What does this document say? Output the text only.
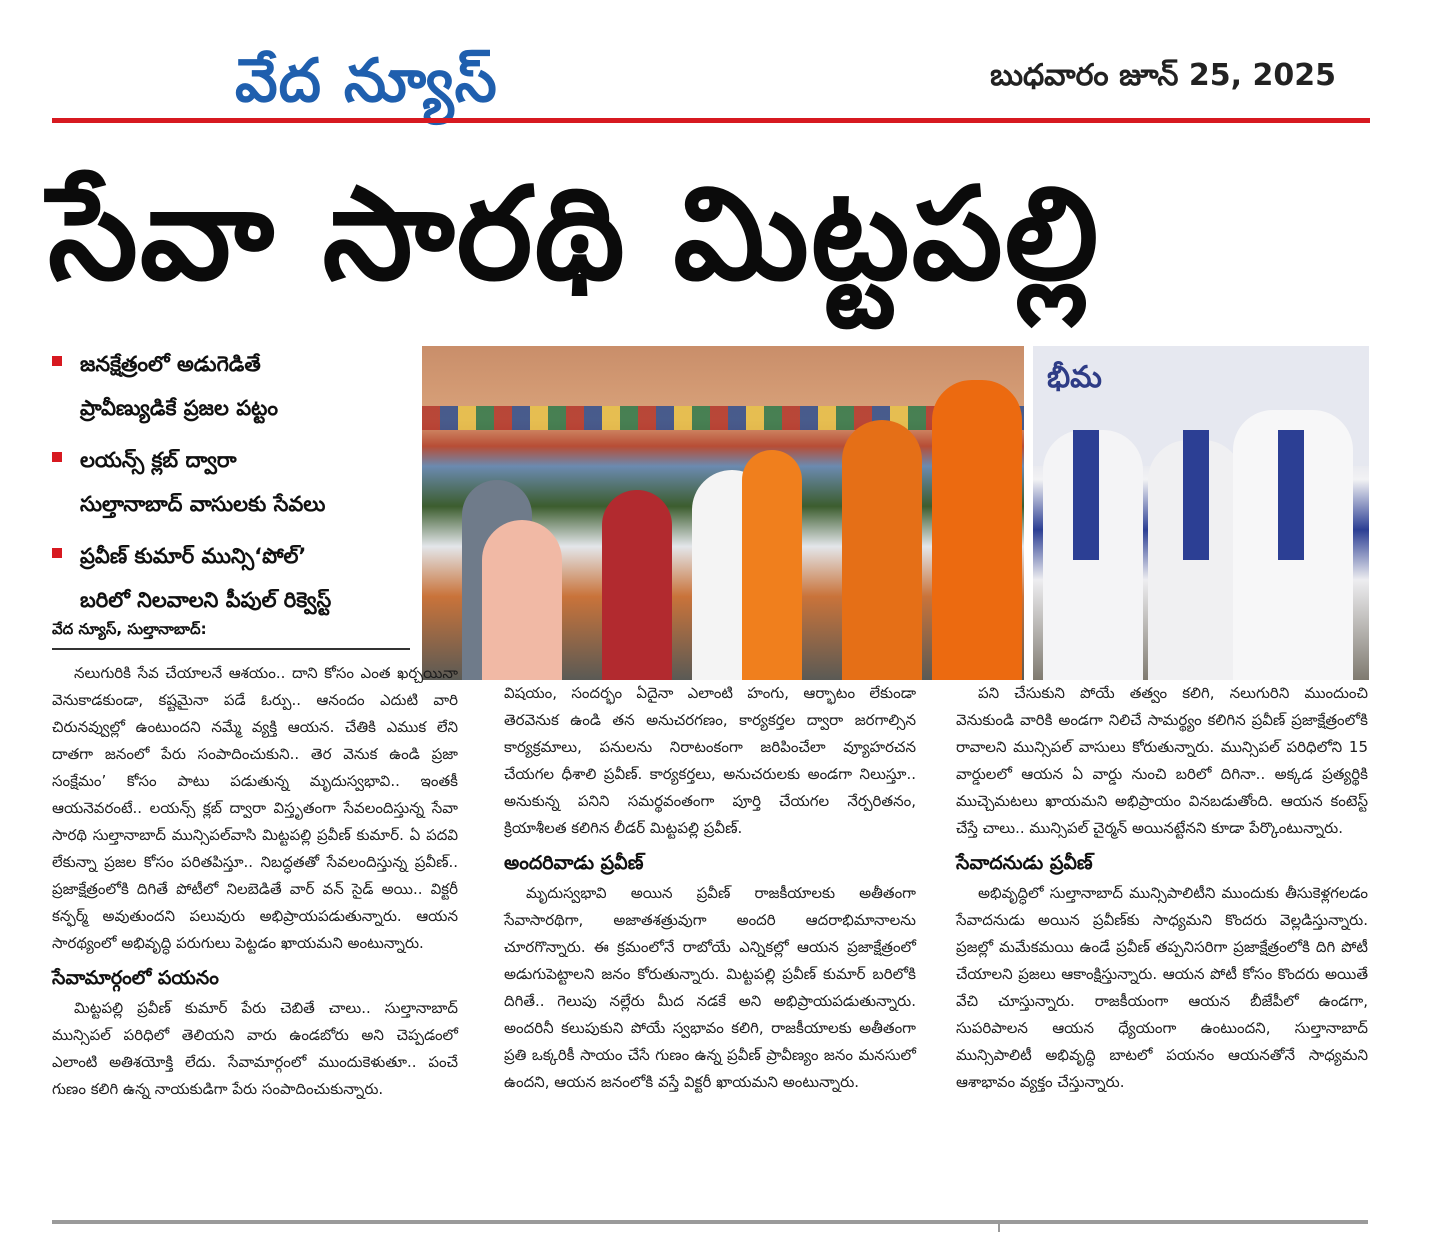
వేద న్యూస్	బుధవారం జూన్ 25, 2025
సేవా సారథి మిట్టపల్లి
జనక్షేత్రంలో అడుగెడితే
ప్రావీణ్యుడికే ప్రజల పట్టం
లయన్స్ క్లబ్ ద్వారా
సుల్తానాబాద్ వాసులకు సేవలు
ప్రవీణ్ కుమార్ మున్సి‘పోల్’
బరిలో నిలవాలని పీపుల్ రిక్వెస్ట్
వేద న్యూస్, సుల్తానాబాద్:
భీమ

నలుగురికి సేవ చేయాలనే ఆశయం.. దాని కోసం ఎంత ఖర్చయినా వెనుకాడకుండా, కష్టమైనా పడే ఓర్పు.. ఆనందం ఎదుటి వారి చిరునవ్వుల్లో ఉంటుందని నమ్మే వ్యక్తి ఆయన. చేతికి ఎముక లేని దాతగా జనంలో పేరు సంపాదించుకుని.. తెర వెనుక ఉండి ప్రజా సంక్షేమం’ కోసం పాటు పడుతున్న మృదుస్వభావి.. ఇంతకీ ఆయనెవరంటే.. లయన్స్ క్లబ్ ద్వారా విస్తృతంగా సేవలందిస్తున్న సేవా సారథి సుల్తానాబాద్ మున్సిపల్‌వాసి మిట్టపల్లి ప్రవీణ్ కుమార్. ఏ పదవి లేకున్నా ప్రజల కోసం పరితపిస్తూ.. నిబద్ధతతో సేవలందిస్తున్న ప్రవీణ్.. ప్రజాక్షేత్రంలోకి దిగితే పోటీలో నిలబెడితే వార్ వన్ సైడ్ అయి.. విక్టరీ కన్ఫర్మ్ అవుతుందని పలువురు అభిప్రాయపడుతున్నారు. ఆయన సారథ్యంలో అభివృద్ధి పరుగులు పెట్టడం ఖాయమని అంటున్నారు.

సేవామార్గంలో పయనం

మిట్టపల్లి ప్రవీణ్ కుమార్ పేరు చెబితే చాలు.. సుల్తానాబాద్ మున్సిపల్ పరిధిలో తెలియని వారు ఉండబోరు అని చెప్పడంలో ఎలాంటి అతిశయోక్తి లేదు. సేవామార్గంలో ముందుకెళుతూ.. పంచే గుణం కలిగి ఉన్న నాయకుడిగా పేరు సంపాదించుకున్నారు.

విషయం, సందర్భం ఏదైనా ఎలాంటి హంగు, ఆర్భాటం లేకుండా తెరవెనుక ఉండి తన అనుచరగణం, కార్యకర్తల ద్వారా జరగాల్సిన కార్యక్రమాలు, పనులను నిరాటంకంగా జరిపించేలా వ్యూహరచన చేయగల ధీశాలి ప్రవీణ్. కార్యకర్తలు, అనుచరులకు అండగా నిలుస్తూ.. అనుకున్న పనిని సమర్థవంతంగా పూర్తి చేయగల నేర్పరితనం, క్రియాశీలత కలిగిన లీడర్ మిట్టపల్లి ప్రవీణ్.

అందరివాడు ప్రవీణ్

మృదుస్వభావి అయిన ప్రవీణ్ రాజకీయాలకు అతీతంగా సేవాసారథిగా, అజాతశత్రువుగా అందరి ఆదరాభిమానాలను చూరగొన్నారు. ఈ క్రమంలోనే రాబోయే ఎన్నికల్లో ఆయన ప్రజాక్షేత్రంలో అడుగుపెట్టాలని జనం కోరుతున్నారు. మిట్టపల్లి ప్రవీణ్ కుమార్ బరిలోకి దిగితే.. గెలుపు నల్లేరు మీద నడకే అని అభిప్రాయపడుతున్నారు. అందరినీ కలుపుకుని పోయే స్వభావం కలిగి, రాజకీయాలకు అతీతంగా ప్రతి ఒక్కరికీ సాయం చేసే గుణం ఉన్న ప్రవీణ్ ప్రావీణ్యం జనం మనసులో ఉందని, ఆయన జనంలోకి వస్తే విక్టరీ ఖాయమని అంటున్నారు.

పని చేసుకుని పోయే తత్వం కలిగి, నలుగురిని ముందుంచి వెనుకుండి వారికి అండగా నిలిచే సామర్థ్యం కలిగిన ప్రవీణ్ ప్రజాక్షేత్రంలోకి రావాలని మున్సిపల్ వాసులు కోరుతున్నారు. మున్సిపల్ పరిధిలోని 15 వార్డులలో ఆయన ఏ వార్డు నుంచి బరిలో దిగినా.. అక్కడ ప్రత్యర్థికి ముచ్చెమటలు ఖాయమని అభిప్రాయం వినబడుతోంది. ఆయన కంటెస్ట్ చేస్తే చాలు.. మున్సిపల్ చైర్మన్ అయినట్టేనని కూడా పేర్కొంటున్నారు.

సేవాదనుడు ప్రవీణ్

అభివృద్ధిలో సుల్తానాబాద్ మున్సిపాలిటీని ముందుకు తీసుకెళ్లగలడం సేవాదనుడు అయిన ప్రవీణ్‌కు సాధ్యమని కొందరు వెల్లడిస్తున్నారు. ప్రజల్లో మమేకమయి ఉండే ప్రవీణ్ తప్పనిసరిగా ప్రజాక్షేత్రంలోకి దిగి పోటీ చేయాలని ప్రజలు ఆకాంక్షిస్తున్నారు. ఆయన పోటీ కోసం కొందరు అయితే వేచి చూస్తున్నారు. రాజకీయంగా ఆయన బీజేపీలో ఉండగా, సుపరిపాలన ఆయన ధ్యేయంగా ఉంటుందని, సుల్తానాబాద్ మున్సిపాలిటీ అభివృద్ధి బాటలో పయనం ఆయనతోనే సాధ్యమని ఆశాభావం వ్యక్తం చేస్తున్నారు.
